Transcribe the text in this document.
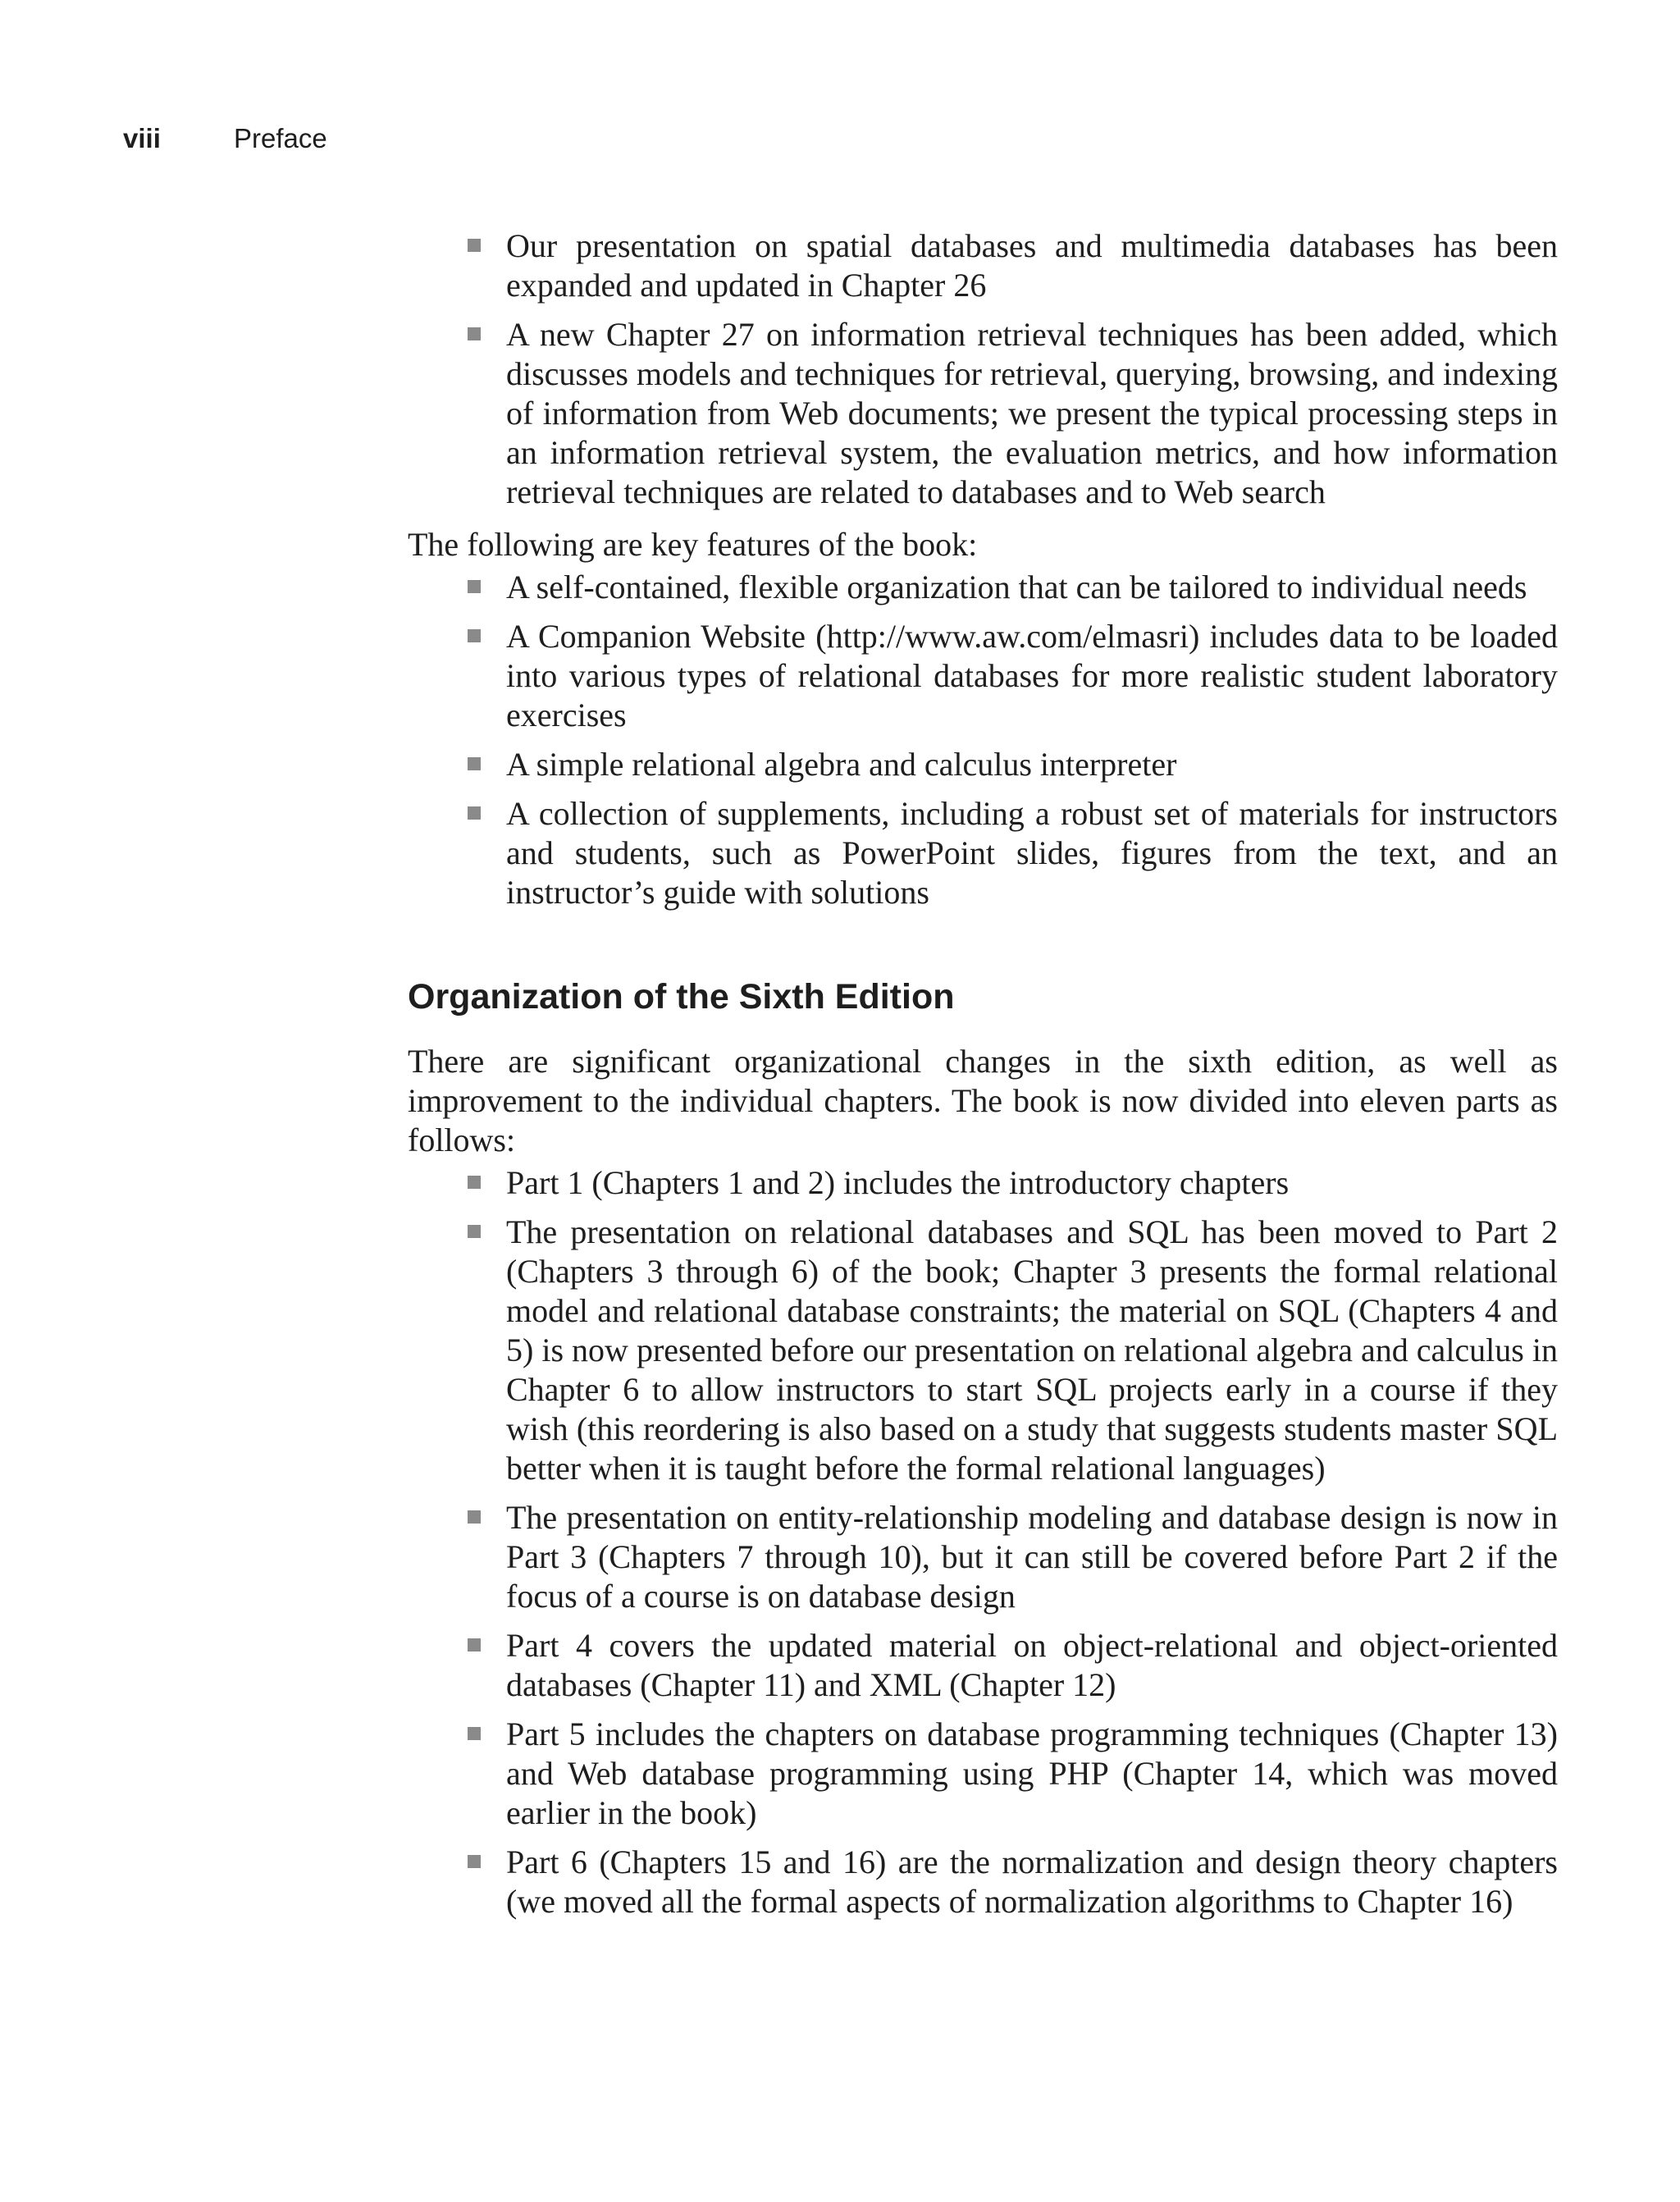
viii	Preface
Our presentation on spatial databases and multimedia databases has been expanded and updated in Chapter 26
A new Chapter 27 on information retrieval techniques has been added, which discusses models and techniques for retrieval, querying, browsing, and indexing of information from Web documents; we present the typical processing steps in an information retrieval system, the evaluation metrics, and how information retrieval techniques are related to databases and to Web search

The following are key features of the book:

A self-contained, flexible organization that can be tailored to individual needs
A Companion Website (http://www.aw.com/elmasri) includes data to be loaded into various types of relational databases for more realistic student laboratory exercises
A simple relational algebra and calculus interpreter
A collection of supplements, including a robust set of materials for instructors and students, such as PowerPoint slides, figures from the text, and an instructor’s guide with solutions
Organization of the Sixth Edition

There are significant organizational changes in the sixth edition, as well as improvement to the individual chapters. The book is now divided into eleven parts as follows:

Part 1 (Chapters 1 and 2) includes the introductory chapters
The presentation on relational databases and SQL has been moved to Part 2 (Chapters 3 through 6) of the book; Chapter 3 presents the formal relational model and relational database constraints; the material on SQL (Chapters 4 and 5) is now presented before our presentation on relational algebra and calculus in Chapter 6 to allow instructors to start SQL projects early in a course if they wish (this reordering is also based on a study that suggests students master SQL better when it is taught before the formal relational languages)
The presentation on entity-relationship modeling and database design is now in Part 3 (Chapters 7 through 10), but it can still be covered before Part 2 if the focus of a course is on database design
Part 4 covers the updated material on object-relational and object-oriented databases (Chapter 11) and XML (Chapter 12)
Part 5 includes the chapters on database programming techniques (Chapter 13) and Web database programming using PHP (Chapter 14, which was moved earlier in the book)
Part 6 (Chapters 15 and 16) are the normalization and design theory chapters (we moved all the formal aspects of normalization algorithms to Chapter 16)
